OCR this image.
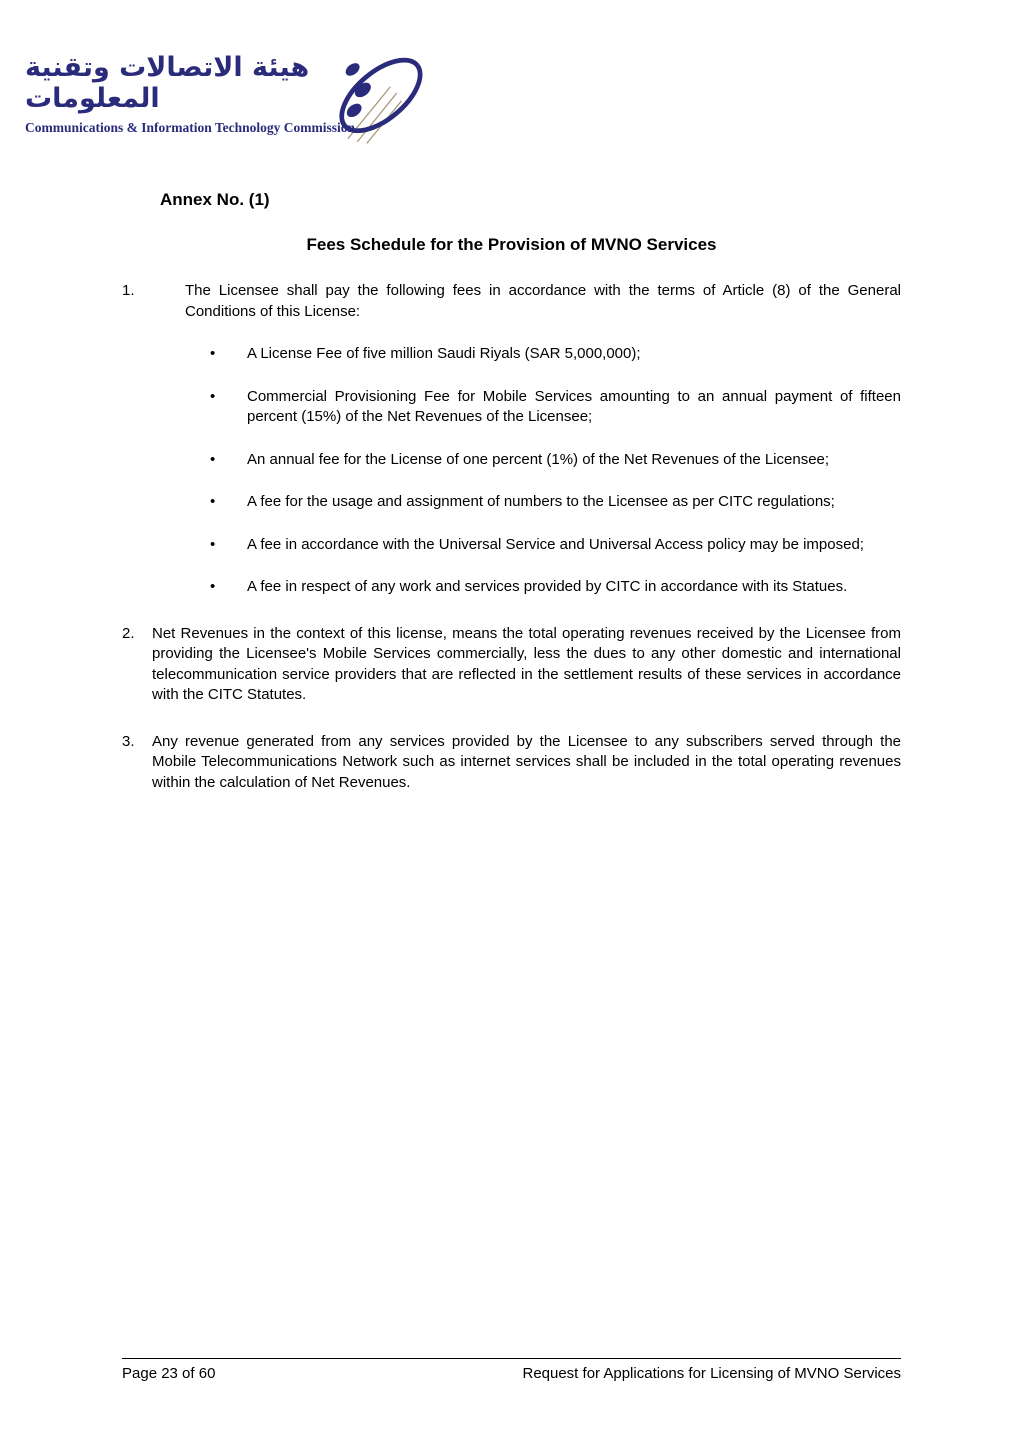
هيئة الاتصالات وتقنية المعلومات
Communications & Information Technology Commission
Annex No. (1)
Fees Schedule for the Provision of MVNO Services
1.	The Licensee shall pay the following fees in accordance with the terms of Article (8) of the General Conditions of this License:
•
A License Fee of five million Saudi Riyals (SAR 5,000,000);
•
Commercial Provisioning Fee for Mobile Services amounting to an annual payment of fifteen percent (15%) of the Net Revenues of the Licensee;
•
An annual fee for the License of one percent (1%) of the Net Revenues of the Licensee;
•
A fee for the usage and assignment of numbers to the Licensee as per CITC regulations;
•
A fee in accordance with the Universal Service and Universal Access policy may be imposed;
•
A fee in respect of any work and services provided by CITC in accordance with its Statues.
2.	Net Revenues in the context of this license, means the total operating revenues received by the Licensee from providing the Licensee's Mobile Services commercially, less the dues to any other domestic and international telecommunication service providers that are reflected in the settlement results of these services in accordance with the CITC Statutes.
3.	Any revenue generated from any services provided by the Licensee to any subscribers served through the Mobile Telecommunications Network such as internet services shall be included in the total operating revenues within the calculation of Net Revenues.
Page 23 of 60	Request for Applications for Licensing of MVNO Services
